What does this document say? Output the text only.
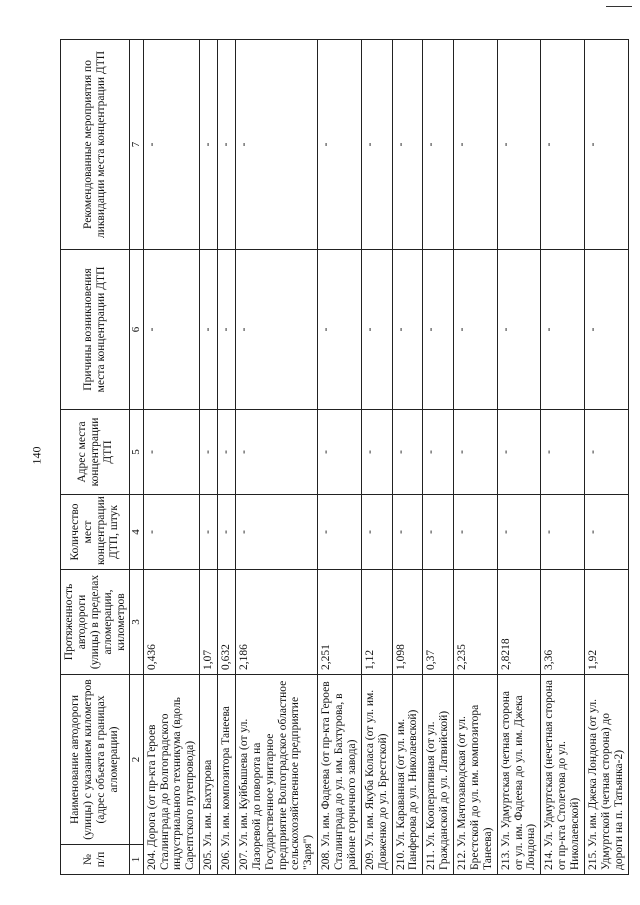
140
№ п/п	Наименование автодороги (улицы) с указанием километров (адрес объекта в границах агломерации)	Протяженность автодороги (улицы) в пределах агломерации, километров	Количество мест концентрации ДТП, штук	Адрес места концентрации ДТП	Причины возникновения места концентрации ДТП	Рекомендованные мероприятия по ликвидации места концентрации ДТП
1	2	3	4	5	6	7
204. Дорога (от пр-кта Героев Сталинграда до Волгоградского индустриального техникума (вдоль Сарептского путепровода)		0,436	-	-	-	-
205. Ул. им. Бахтурова		1,07	-	-	-	-
206. Ул. им. композитора Танеева		0,632	-	-	-	-
207. Ул. им. Куйбышева (от ул. Лазоревой до поворота на Государственное унитарное предприятие Волгоградское областное сельскохозяйственное предприятие "Заря")		2,186	-	-	-	-
208. Ул. им. Фадеева (от пр-кта Героев Сталинграда до ул. им. Бахтурова, в районе горчичного завода)		2,251	-	-	-	-
209. Ул. им. Якуба Коласа (от ул. им. Довженко до ул. Брестской)		1,12	-	-	-	-
210. Ул. Караванная (от ул. им. Панферова до ул. Николаевской)		1,098	-	-	-	-
211. Ул. Кооперативная (от ул. Гражданской до ул. Латвийской)		0,37	-	-	-	-
212. Ул. Мачтозаводская (от ул. Брестской до ул. им. композитора Танеева)		2,235	-	-	-	-
213. Ул. Удмуртская (четная сторона от ул. им. Фадеева до ул. им. Джека Лондона)		2,8218	-	-	-	-
214. Ул. Удмуртская (нечетная сторона от пр-кта Столетова до ул. Николаевской)		3,36	-	-	-	-
215. Ул. им. Джека Лондона (от ул. Удмуртской (четная сторона) до дороги на п. Татьянка-2)		1,92	-	-	-	-
